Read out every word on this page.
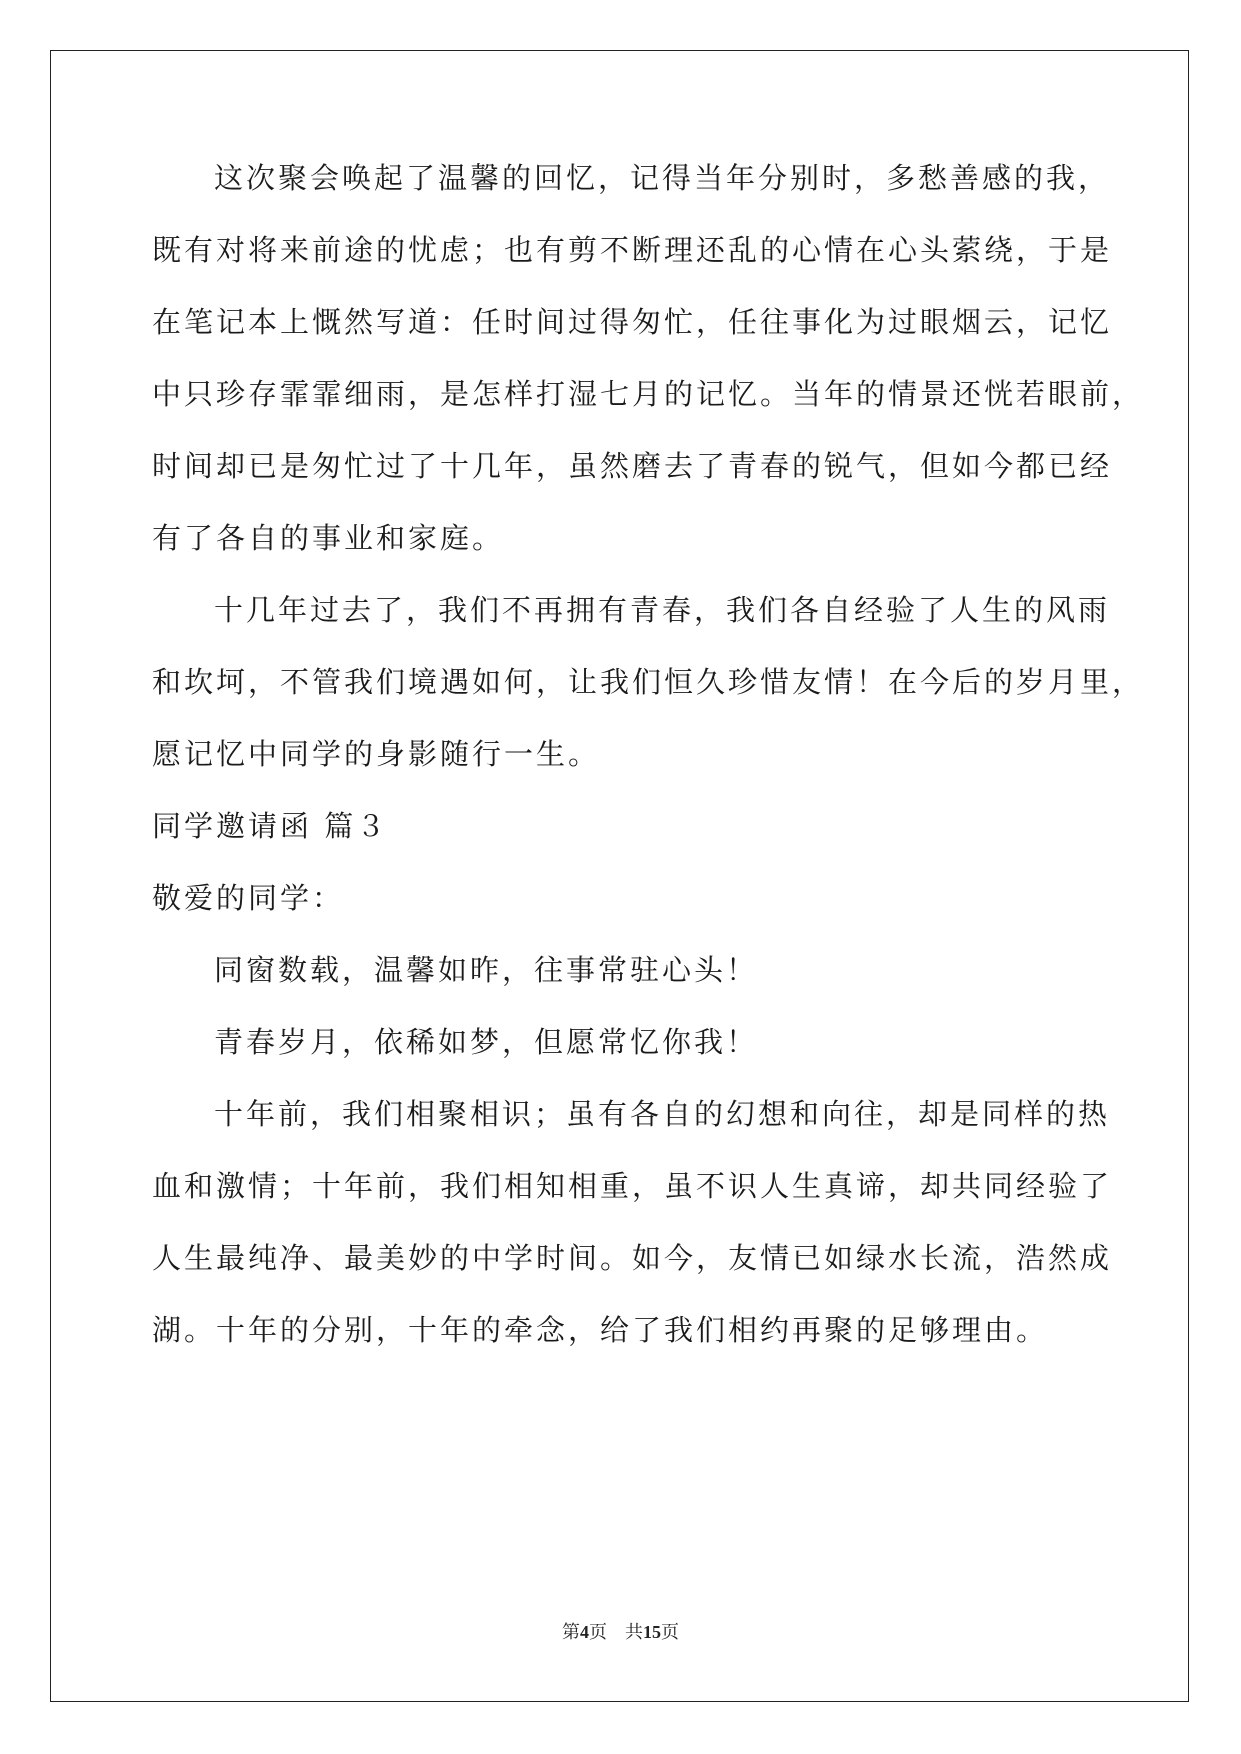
这次聚会唤起了温馨的回忆，记得当年分别时，多愁善感的我，
既有对将来前途的忧虑；也有剪不断理还乱的心情在心头萦绕，于是
在笔记本上慨然写道：任时间过得匆忙，任往事化为过眼烟云，记忆
中只珍存霏霏细雨，是怎样打湿七月的记忆。当年的情景还恍若眼前，
时间却已是匆忙过了十几年，虽然磨去了青春的锐气，但如今都已经
有了各自的事业和家庭。
十几年过去了，我们不再拥有青春，我们各自经验了人生的风雨
和坎坷，不管我们境遇如何，让我们恒久珍惜友情！在今后的岁月里，
愿记忆中同学的身影随行一生。
同学邀请函 篇３
敬爱的同学：
同窗数载，温馨如昨，往事常驻心头！
青春岁月，依稀如梦，但愿常忆你我！
十年前，我们相聚相识；虽有各自的幻想和向往，却是同样的热
血和激情；十年前，我们相知相重，虽不识人生真谛，却共同经验了
人生最纯净、最美妙的中学时间。如今，友情已如绿水长流，浩然成
湖。十年的分别，十年的牵念，给了我们相约再聚的足够理由。
第4页 共15页
